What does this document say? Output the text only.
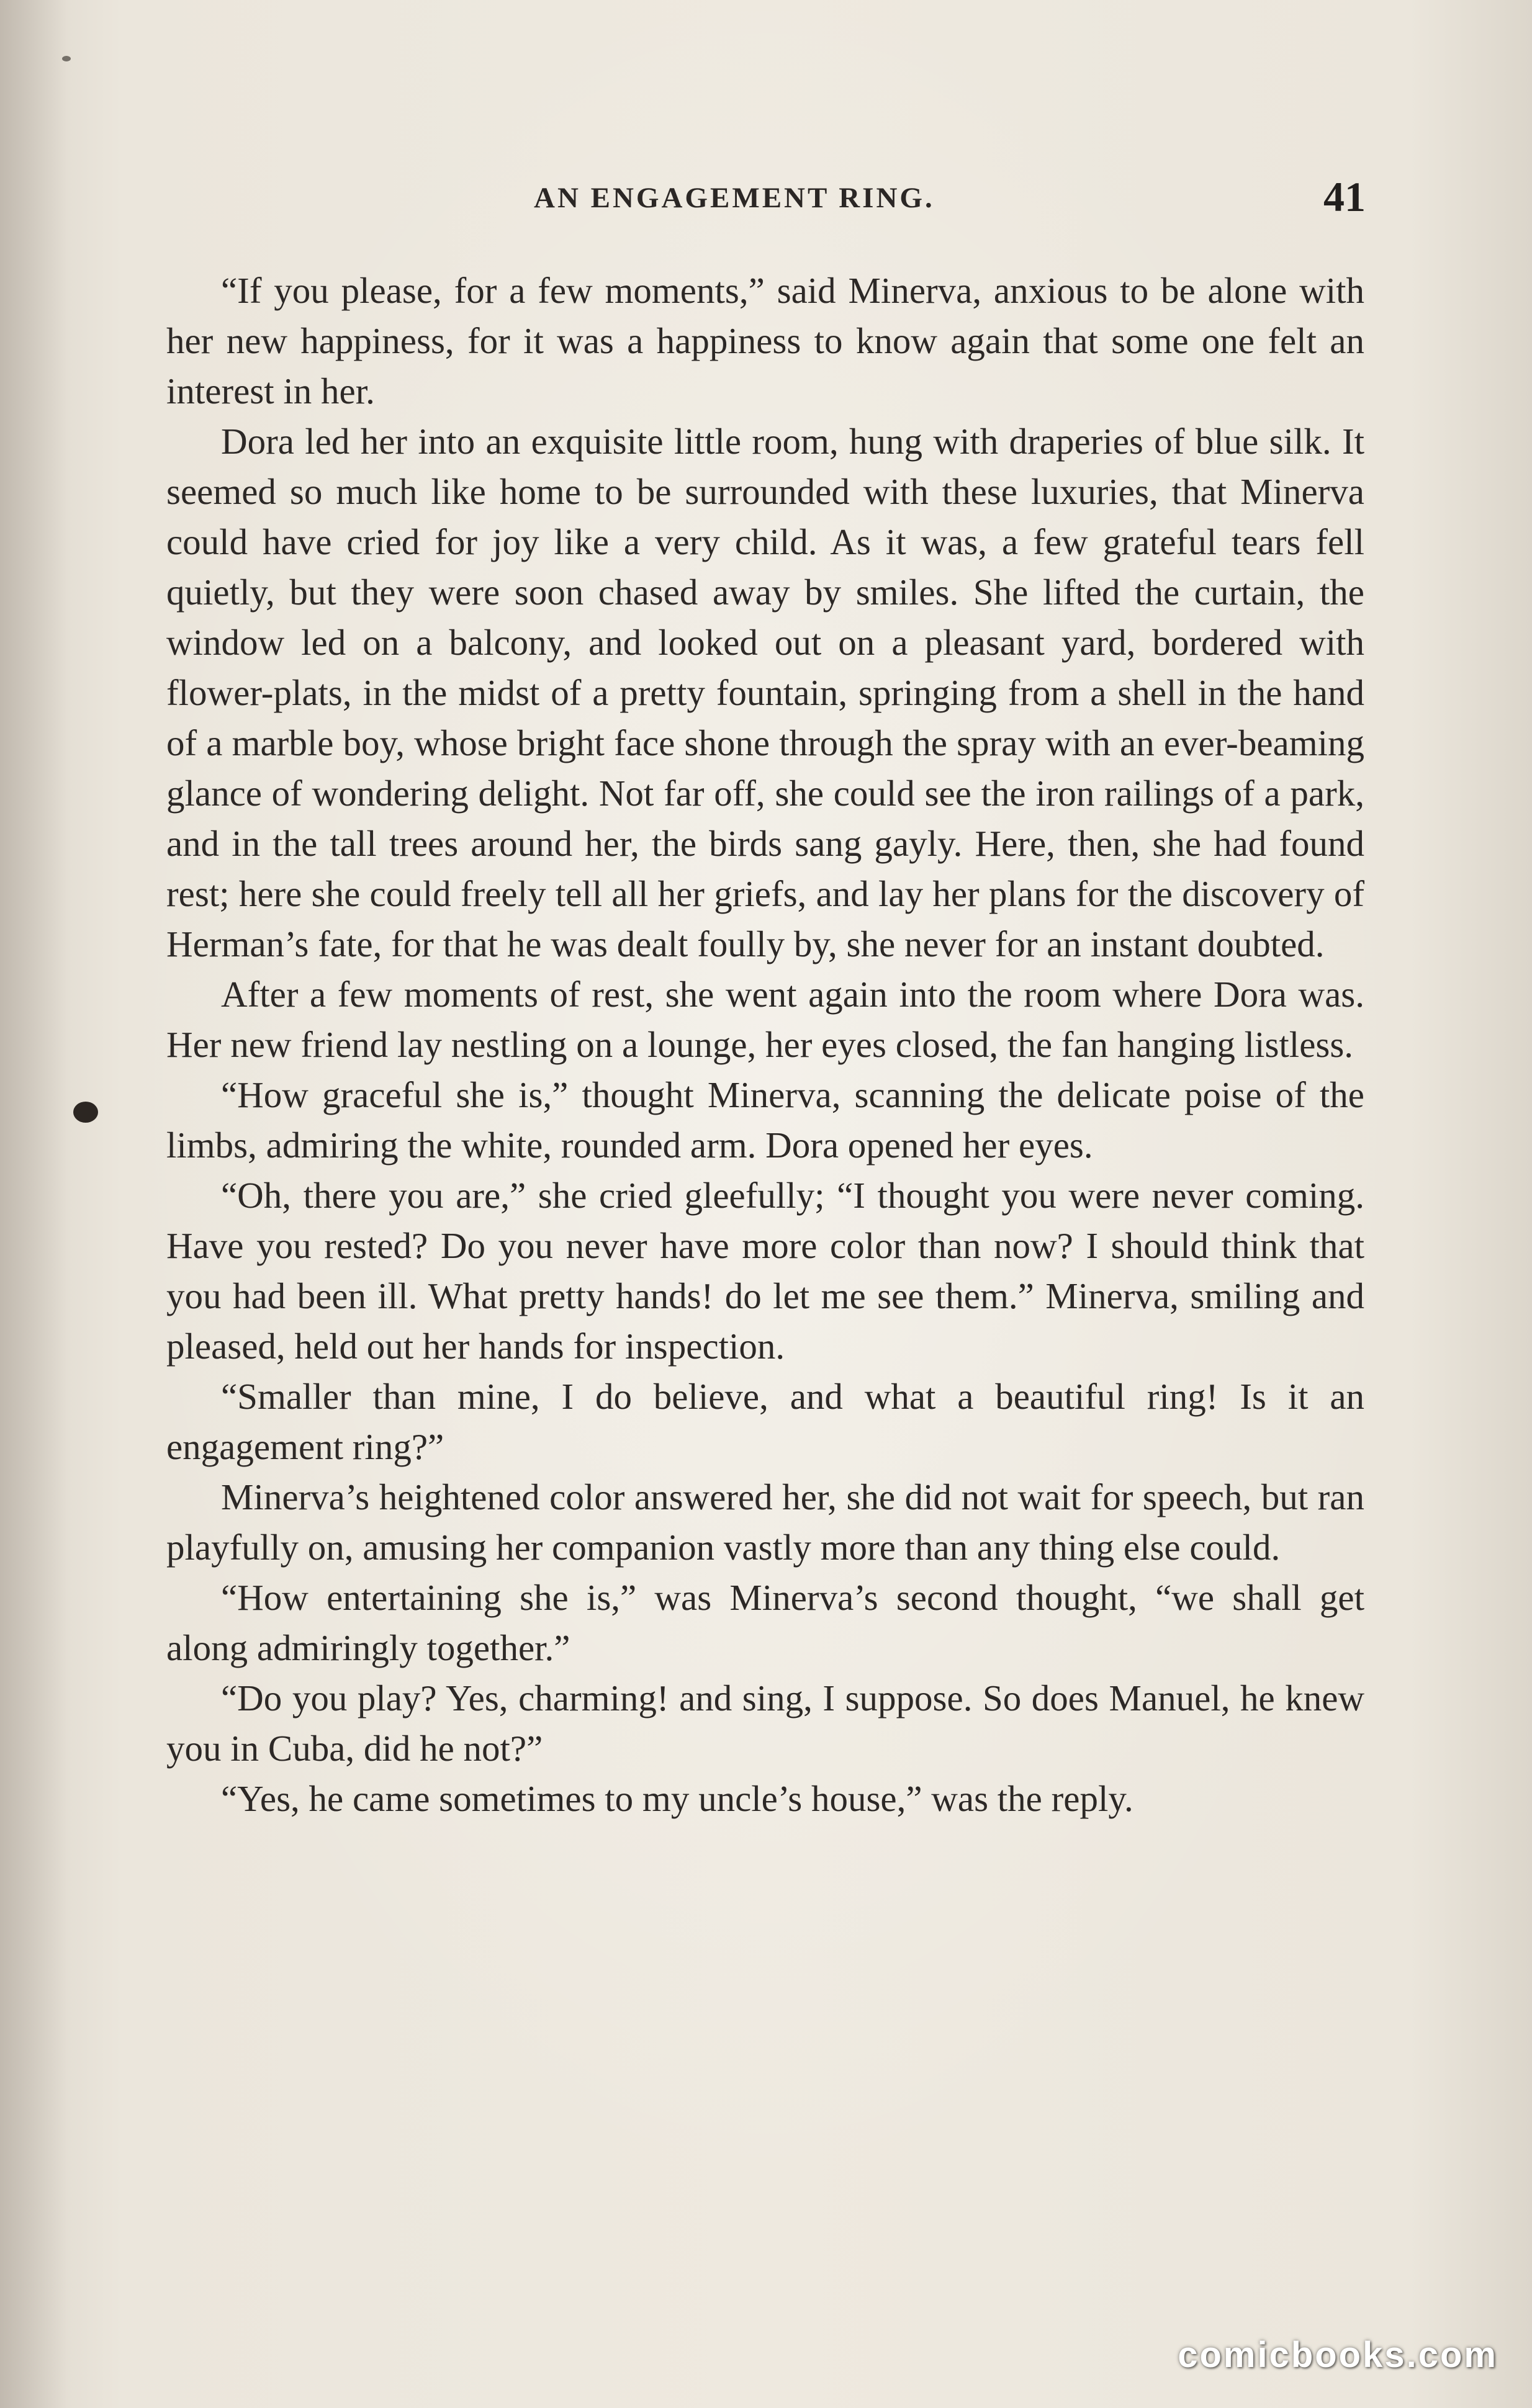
AN ENGAGEMENT RING.	41

“If you please, for a few moments,” said Minerva, anxious to be alone with her new happiness, for it was a happiness to know again that some one felt an interest in her.

Dora led her into an exquisite little room, hung with draperies of blue silk. It seemed so much like home to be surrounded with these luxuries, that Minerva could have cried for joy like a very child. As it was, a few grateful tears fell quietly, but they were soon chased away by smiles. She lifted the curtain, the window led on a balcony, and looked out on a pleasant yard, bordered with flower-plats, in the midst of a pretty fountain, springing from a shell in the hand of a marble boy, whose bright face shone through the spray with an ever-beaming glance of wondering delight. Not far off, she could see the iron railings of a park, and in the tall trees around her, the birds sang gayly. Here, then, she had found rest; here she could freely tell all her griefs, and lay her plans for the discovery of Herman’s fate, for that he was dealt foully by, she never for an instant doubted.

After a few moments of rest, she went again into the room where Dora was. Her new friend lay nestling on a lounge, her eyes closed, the fan hanging listless.

“How graceful she is,” thought Minerva, scanning the delicate poise of the limbs, admiring the white, rounded arm. Dora opened her eyes.

“Oh, there you are,” she cried gleefully; “I thought you were never coming. Have you rested? Do you never have more color than now? I should think that you had been ill. What pretty hands! do let me see them.” Minerva, smiling and pleased, held out her hands for inspection.

“Smaller than mine, I do believe, and what a beautiful ring! Is it an engagement ring?”

Minerva’s heightened color answered her, she did not wait for speech, but ran playfully on, amusing her companion vastly more than any thing else could.

“How entertaining she is,” was Minerva’s second thought, “we shall get along admiringly together.”

“Do you play? Yes, charming! and sing, I suppose. So does Manuel, he knew you in Cuba, did he not?”

“Yes, he came sometimes to my uncle’s house,” was the reply.

comicbooks.com
